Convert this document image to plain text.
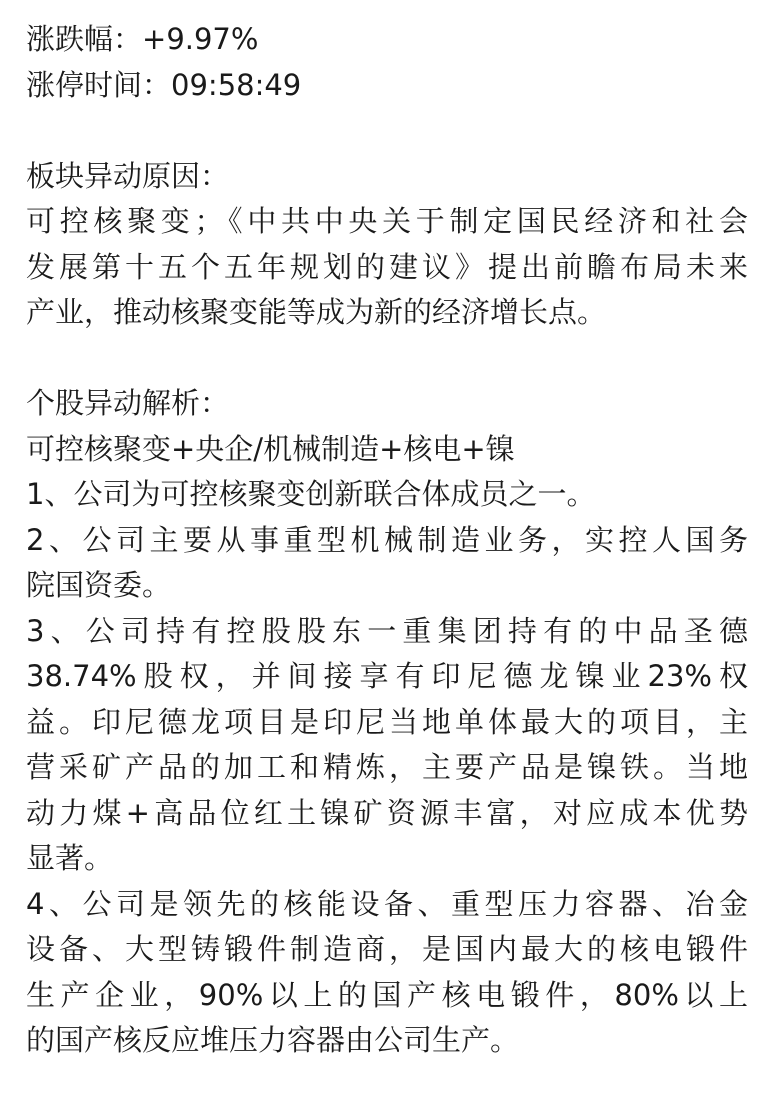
涨跌幅：+9.97%
涨停时间：09:58:49
板块异动原因：
可控核聚变；《中共中央关于制定国民经济和社会
发展第十五个五年规划的建议》提出前瞻布局未来
产业，推动核聚变能等成为新的经济增长点。
个股异动解析：
可控核聚变+央企/机械制造+核电+镍
1、公司为可控核聚变创新联合体成员之一。
2、公司主要从事重型机械制造业务，实控人国务
院国资委。
3、公司持有控股股东一重集团持有的中品圣德
38.74%股权，并间接享有印尼德龙镍业23%权
益。印尼德龙项目是印尼当地单体最大的项目，主
营采矿产品的加工和精炼，主要产品是镍铁。当地
动力煤+高品位红土镍矿资源丰富，对应成本优势
显著。
4、公司是领先的核能设备、重型压力容器、冶金
设备、大型铸锻件制造商，是国内最大的核电锻件
生产企业，90%以上的国产核电锻件，80%以上
的国产核反应堆压力容器由公司生产。
